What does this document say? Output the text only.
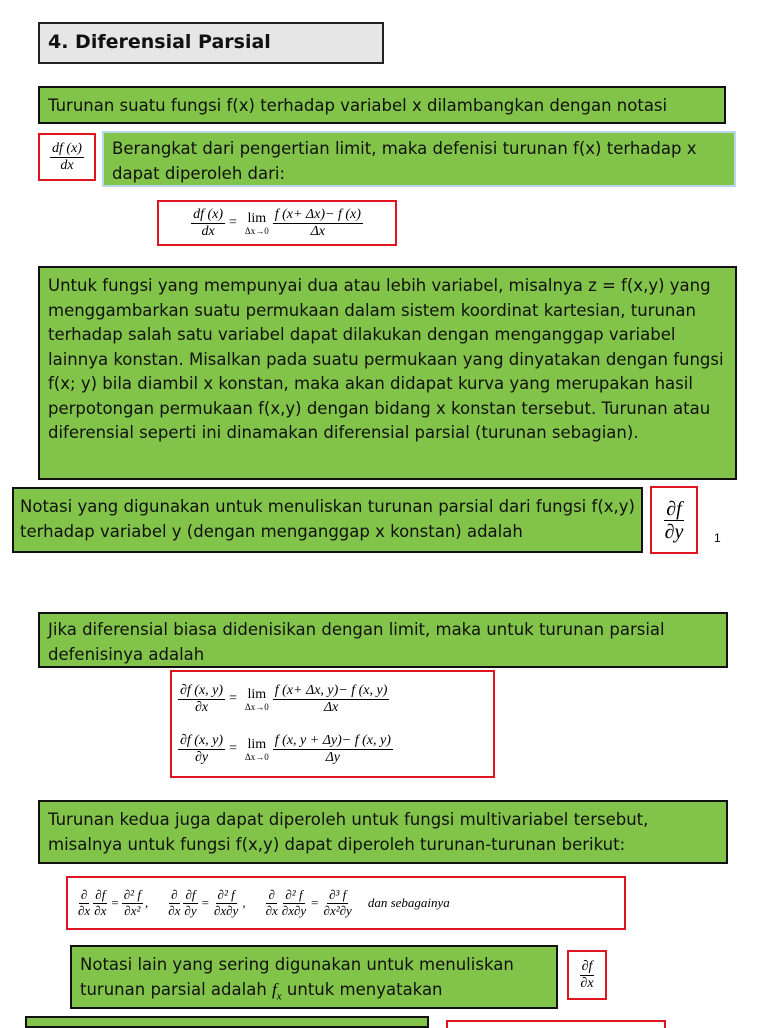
4. Diferensial Parsial
Turunan suatu fungsi f(x) terhadap variabel x dilambangkan dengan notasi
$\frac{df (x)}{dx}$	Berangkat dari pengertian limit, maka defenisi turunan f(x) terhadap x dapat diperoleh dari:
$\frac{df (x)}{dx} = \lim$
$\Delta x\to 0 \frac{f (x+ \Delta x)- f (x)}{\Delta x}$
Untuk fungsi yang mempunyai dua atau lebih variabel, misalnya z = f(x,y) yang menggambarkan suatu permukaan dalam sistem koordinat kartesian, turunan terhadap salah satu variabel dapat dilakukan dengan menganggap variabel lainnya konstan. Misalkan pada suatu permukaan yang dinyatakan dengan fungsi f(x; y) bila diambil x konstan, maka akan didapat kurva yang merupakan hasil perpotongan permukaan f(x,y) dengan bidang x konstan tersebut. Turunan atau diferensial seperti ini dinamakan diferensial parsial (turunan sebagian).
Notasi yang digunakan untuk menuliskan turunan parsial dari fungsi f(x,y) terhadap variabel y (dengan menganggap x konstan) adalah	$\frac{\partial f}{\partial y} 1$
Jika diferensial biasa didenisikan dengan limit, maka untuk turunan parsial defenisinya adalah
$\frac{\partial f (x, y)}{\partial x} = \lim$
$\Delta x\to 0 \frac{f (x+ \Delta x, y)- f (x, y)}{\Delta x}$
$\frac{\partial f (x, y)}{\partial y} = \lim$
$\Delta x\to 0 \frac{f (x, y + \Delta y)- f (x, y)}{\Delta y}$
Turunan kedua juga dapat diperoleh untuk fungsi multivariabel tersebut, misalnya untuk fungsi f(x,y) dapat diperoleh turunan-turunan berikut:
$\frac{\partial}{\partial x} \frac{\partial f}{\partial x} = \frac{\text{∂² f}}{\text{∂x²}}$ , $\frac{\partial}{\partial x} \frac{\partial f}{\partial y} = \frac{\text{∂² f}}{\partial x\partial y}$ , $\frac{\partial}{\partial x} \frac{\text{∂² f}}{\partial x\partial y} = \frac{\text{∂³ f}}{\text{∂x²∂y}}$ dan sebagainya
Notasi lain yang sering digunakan untuk menuliskan
turunan parsial adalah $f_x$ untuk menyatakan	$\frac{\partial f}{\partial x}$
